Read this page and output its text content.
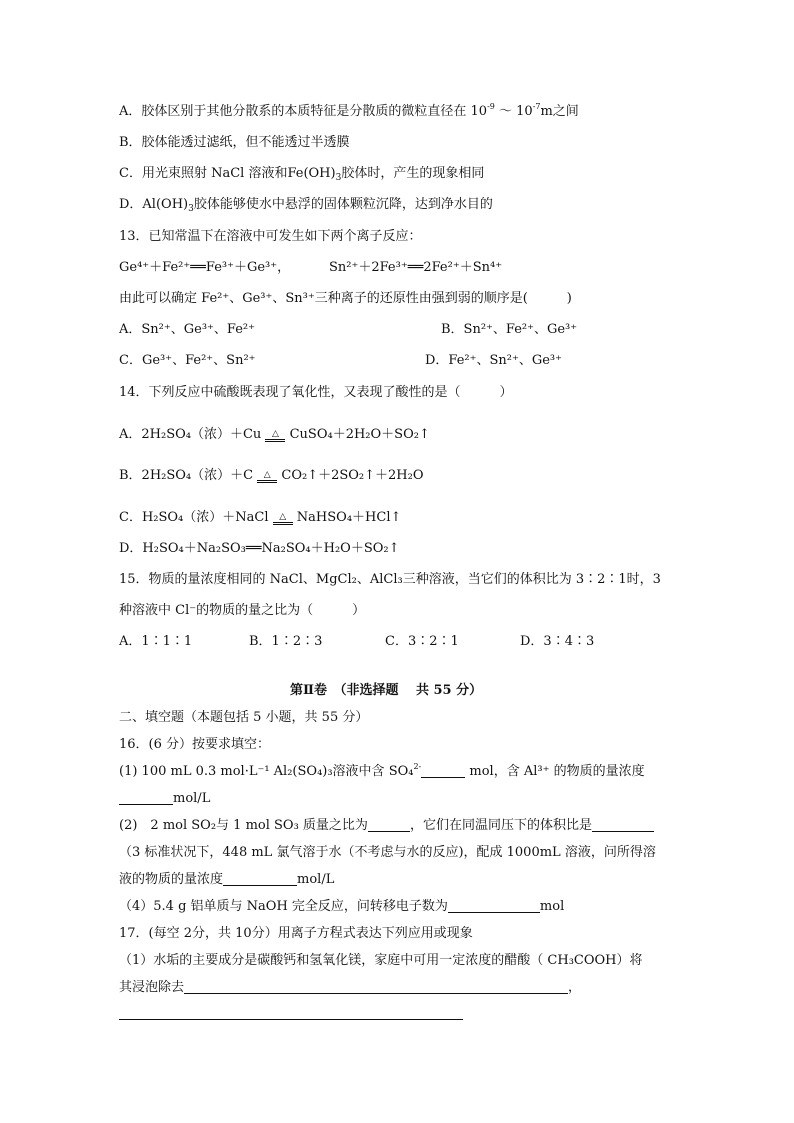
A．胶体区别于其他分散系的本质特征是分散质的微粒直径在 $10^{-9}$ ～ $10^{-7}m$之间
B．胶体能透过滤纸，但不能透过半透膜
C．用光束照射 NaCl 溶液和$Fe(OH)_3$胶体时，产生的现象相同
D．$Al(OH)_3$胶体能够使水中悬浮的固体颗粒沉降，达到净水目的
13．已知常温下在溶液中可发生如下两个离子反应：
Ge⁴⁺＋Fe²⁺══Fe³⁺＋Ge³⁺，	Sn²⁺＋2Fe³⁺══2Fe²⁺＋Sn⁴⁺
由此可以确定 Fe²⁺、Ge³⁺、Sn³⁺三种离子的还原性由强到弱的顺序是(　　　)
A．Sn²⁺、Ge³⁺、Fe²⁺	B．Sn²⁺、Fe²⁺、Ge³⁺
C．Ge³⁺、Fe²⁺、Sn²⁺	D．Fe²⁺、Sn²⁺、Ge³⁺
14．下列反应中硫酸既表现了氧化性，又表现了酸性的是（　　　）
A．2H₂SO₄（浓）＋Cu	△ CuSO₄＋2H₂O＋SO₂↑
B．2H₂SO₄（浓）＋C	△ CO₂↑＋2SO₂↑＋2H₂O
C．H₂SO₄（浓）＋NaCl	△ NaHSO₄＋HCl↑
D．H₂SO₄＋Na₂SO₃══Na₂SO₄＋H₂O＋SO₂↑
15．物质的量浓度相同的 NaCl、MgCl₂、AlCl₃三种溶液，当它们的体积比为 3∶2∶1时，3
种溶液中 Cl⁻的物质的量之比为（　　　）
A．1∶1∶1	B．1∶2∶3	C．3∶2∶1	D．3∶4∶3
第Ⅱ卷　（非选择题　 共 55 分）
二、填空题（本题包括 5 小题，共 55 分）
16．(6 分）按要求填空：
(1) 100 mL 0.3 mol·L⁻¹ Al₂(SO₄)₃溶液中含 SO₄$^{2-}$	mol，含 Al³⁺ 的物质的量浓度
mol/L
(2)　2 mol SO₂与 1 mol SO₃ 质量之比为	，它们在同温同压下的体积比是
（3 标准状况下，448 mL 氯气溶于水（不考虑与水的反应)，配成 1000mL 溶液，问所得溶
液的物质的量浓度	mol/L
（4）5.4 g 铝单质与 NaOH 完全反应，问转移电子数为	mol
17．(每空 2分，共 10分）用离子方程式表达下列应用或现象
（1）水垢的主要成分是碳酸钙和氢氧化镁，家庭中可用一定浓度的醋酸（ CH₃COOH）将
其浸泡除去	，
